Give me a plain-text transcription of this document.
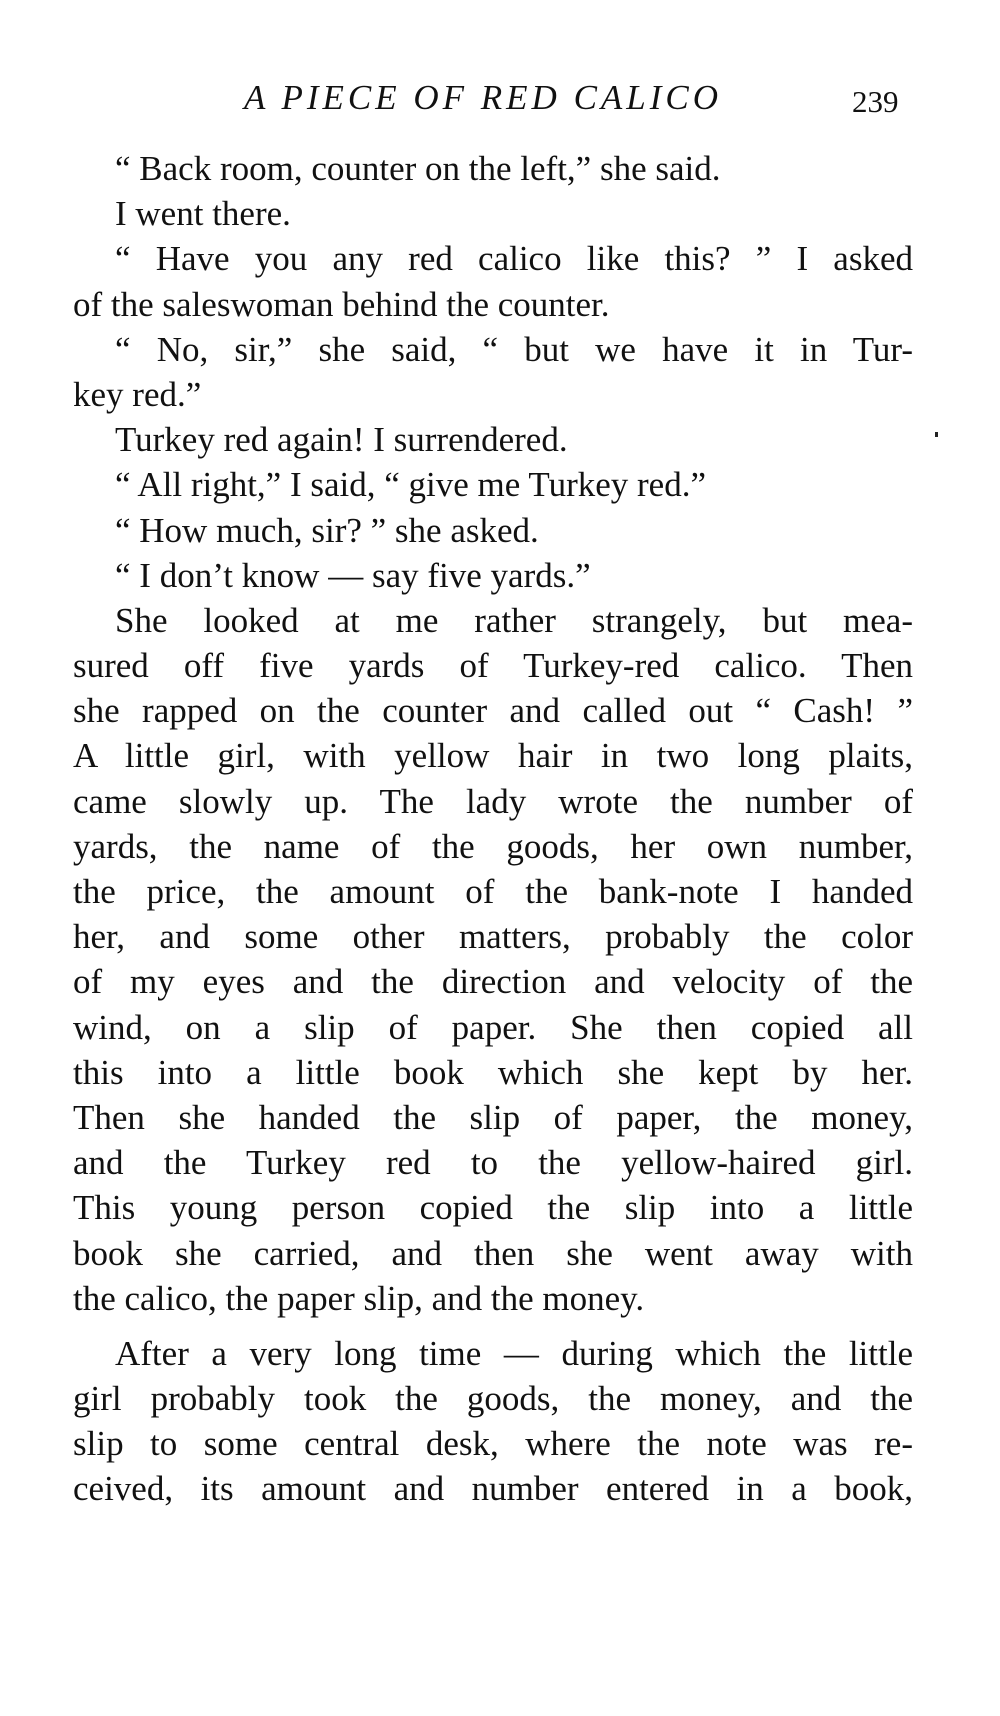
A PIECE OF RED CALICO	239
“ Back room, counter on the left,” she said.
I went there.
“ Have you any red calico like this? ” I asked
of the saleswoman behind the counter.
“ No, sir,” she said, “ but we have it in Tur-
key red.”
Turkey red again! I surrendered.
“ All right,” I said, “ give me Turkey red.”
“ How much, sir? ” she asked.
“ I don’t know — say five yards.”
She looked at me rather strangely, but mea-
sured off five yards of Turkey-red calico. Then
she rapped on the counter and called out “ Cash! ”
A little girl, with yellow hair in two long plaits,
came slowly up. The lady wrote the number of
yards, the name of the goods, her own number,
the price, the amount of the bank-note I handed
her, and some other matters, probably the color
of my eyes and the direction and velocity of the
wind, on a slip of paper. She then copied all
this into a little book which she kept by her.
Then she handed the slip of paper, the money,
and the Turkey red to the yellow-haired girl.
This young person copied the slip into a little
book she carried, and then she went away with
the calico, the paper slip, and the money.
After a very long time — during which the little
girl probably took the goods, the money, and the
slip to some central desk, where the note was re-
ceived, its amount and number entered in a book,
